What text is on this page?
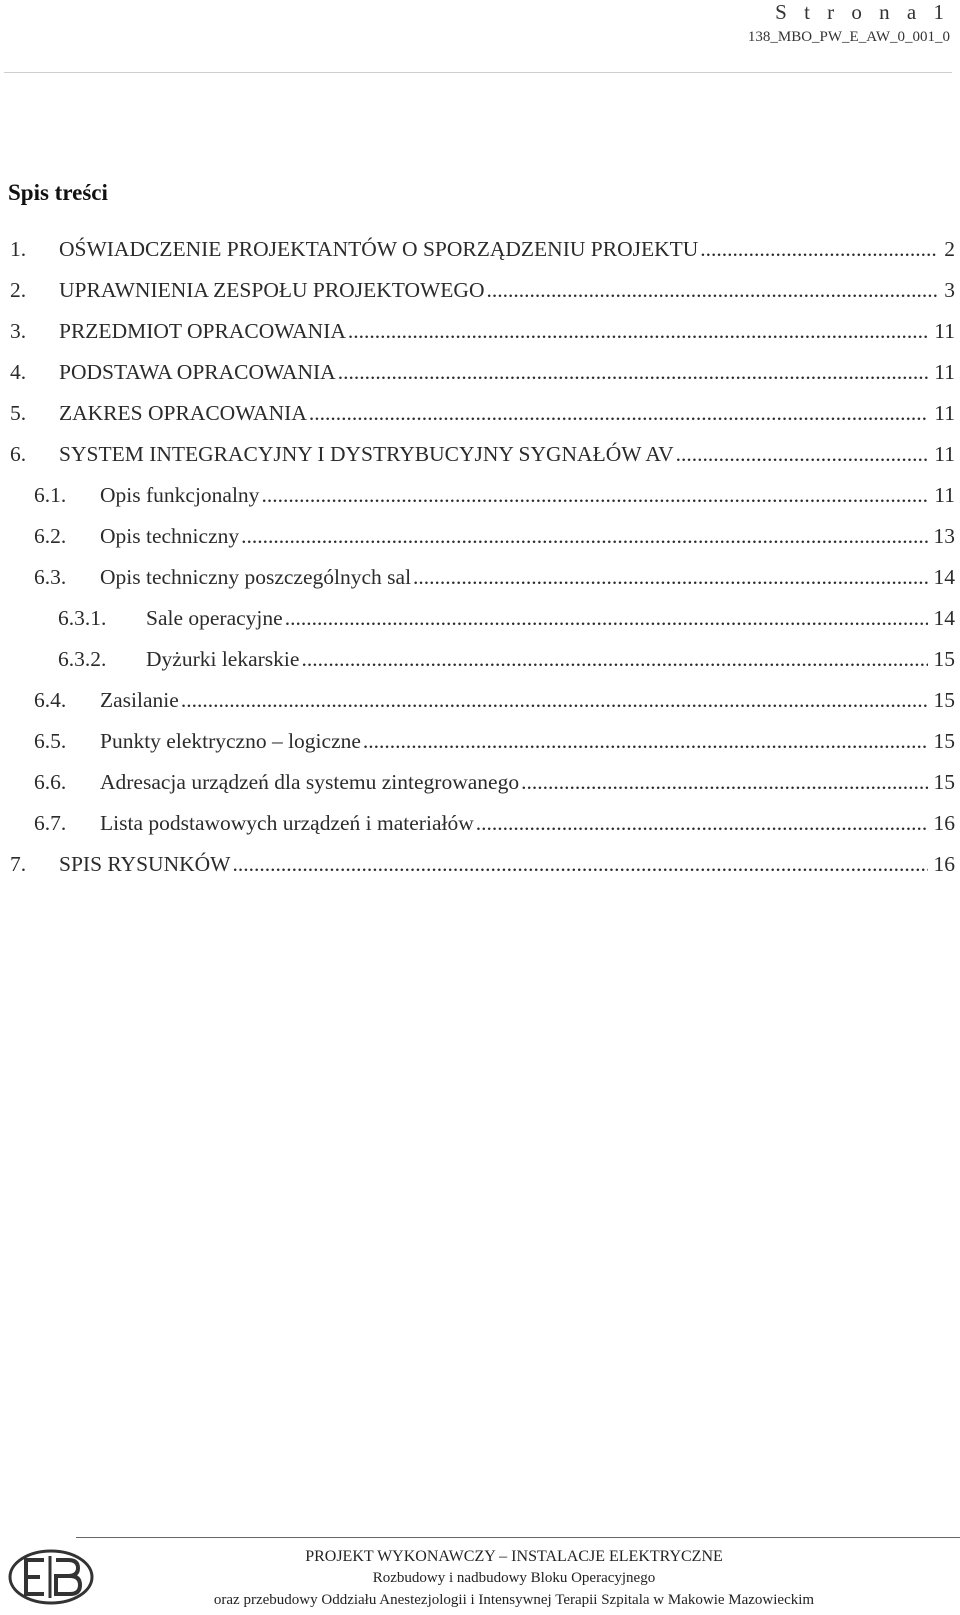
S t r o n a 1
138_MBO_PW_E_AW_0_001_0
Spis treści
1. OŚWIADCZENIE PROJEKTANTÓW O SPORZĄDZENIU PROJEKTU .....	2
2. UPRAWNIENIA ZESPOŁU PROJEKTOWEGO .....	3
3. PRZEDMIOT OPRACOWANIA .....	11
4. PODSTAWA OPRACOWANIA .....	11
5. ZAKRES OPRACOWANIA .....	11
6. SYSTEM INTEGRACYJNY I DYSTRYBUCYJNY SYGNAŁÓW AV .....	11
6.1. Opis funkcjonalny .....	11
6.2. Opis techniczny .....	13
6.3. Opis techniczny poszczególnych sal .....	14
6.3.1. Sale operacyjne .....	14
6.3.2. Dyżurki lekarskie .....	15
6.4. Zasilanie .....	15
6.5. Punkty elektryczno – logiczne .....	15
6.6. Adresacja urządzeń dla systemu zintegrowanego .....	15
6.7. Lista podstawowych urządzeń i materiałów .....	16
7. SPIS RYSUNKÓW .....	16
PROJEKT WYKONAWCZY – INSTALACJE ELEKTRYCZNE
Rozbudowy i nadbudowy Bloku Operacyjnego
oraz przebudowy Oddziału Anestezjologii i Intensywnej Terapii Szpitala w Makowie Mazowieckim
